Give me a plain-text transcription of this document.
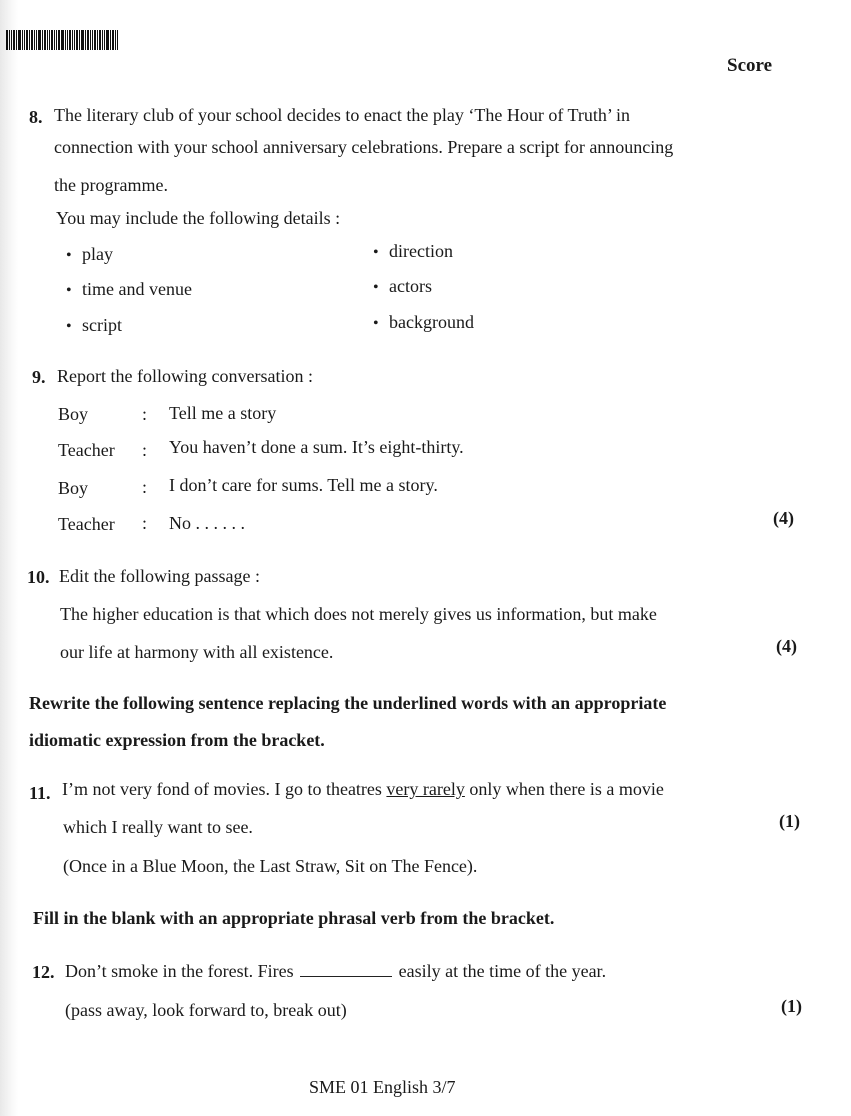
Score
8. The literary club of your school decides to enact the play ‘The Hour of Truth’ in
connection with your school anniversary celebrations. Prepare a script for announcing
the programme.
You may include the following details :
• play
• time and venue
• script
• direction
• actors
• background
9. Report the following conversation :
Boy	: Tell me a story
Teacher : You haven’t done a sum. It’s eight-thirty.
Boy	: I don’t care for sums. Tell me a story.
Teacher : No . . . . . .	(4)
10. Edit the following passage :
The higher education is that which does not merely gives us information, but make
our life at harmony with all existence.	(4)
Rewrite the following sentence replacing the underlined words with an appropriate
idiomatic expression from the bracket.
11. I’m not very fond of movies. I go to theatres very rarely only when there is a movie
which I really want to see.	(1)
(Once in a Blue Moon, the Last Straw, Sit on The Fence).
Fill in the blank with an appropriate phrasal verb from the bracket.
12. Don’t smoke in the forest. Fires	easily at the time of the year.
(pass away, look forward to, break out)	(1)
SME 01 English 3/7
